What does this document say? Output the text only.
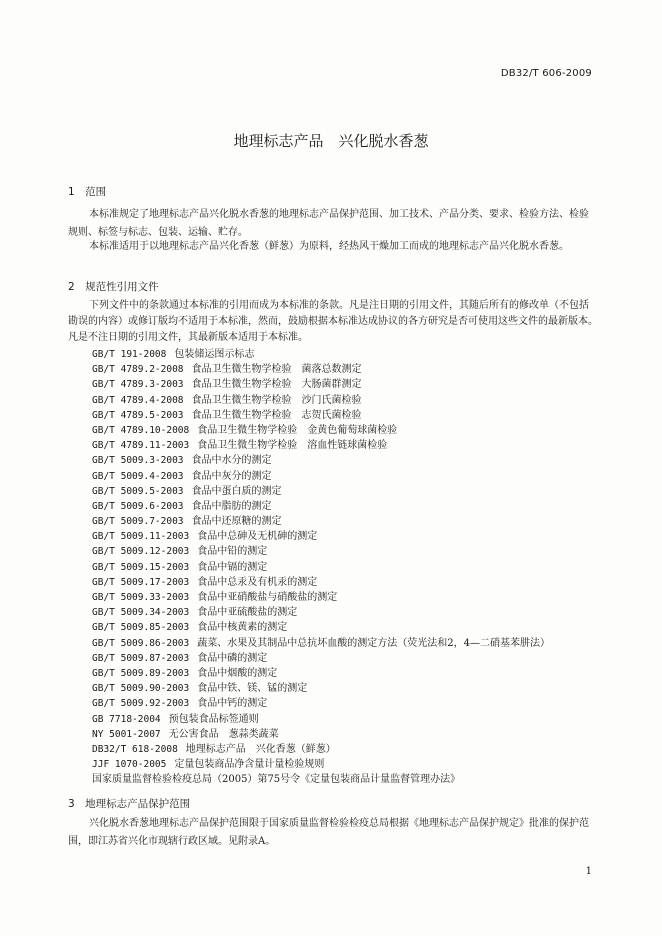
DB32/T 606-2009
地理标志产品　兴化脱水香葱
1　范围
本标准规定了地理标志产品兴化脱水香葱的地理标志产品保护范围、加工技术、产品分类、要求、检验方法、检验规则、标签与标志、包装、运输、贮存。
本标准适用于以地理标志产品兴化香葱（鲜葱）为原料，经热风干燥加工而成的地理标志产品兴化脱水香葱。
2　规范性引用文件
下列文件中的条款通过本标准的引用而成为本标准的条款。凡是注日期的引用文件，其随后所有的修改单（不包括勘误的内容）或修订版均不适用于本标准，然而，鼓励根据本标准达成协议的各方研究是否可使用这些文件的最新版本。凡是不注日期的引用文件，其最新版本适用于本标准。
GB/T 191-2008 包装储运图示标志
GB/T 4789.2-2008 食品卫生微生物学检验　菌落总数测定
GB/T 4789.3-2003 食品卫生微生物学检验　大肠菌群测定
GB/T 4789.4-2008 食品卫生微生物学检验　沙门氏菌检验
GB/T 4789.5-2003 食品卫生微生物学检验　志贺氏菌检验
GB/T 4789.10-2008 食品卫生微生物学检验　金黄色葡萄球菌检验
GB/T 4789.11-2003 食品卫生微生物学检验　溶血性链球菌检验
GB/T 5009.3-2003 食品中水分的测定
GB/T 5009.4-2003 食品中灰分的测定
GB/T 5009.5-2003 食品中蛋白质的测定
GB/T 5009.6-2003 食品中脂肪的测定
GB/T 5009.7-2003 食品中还原糖的测定
GB/T 5009.11-2003 食品中总砷及无机砷的测定
GB/T 5009.12-2003 食品中铅的测定
GB/T 5009.15-2003 食品中镉的测定
GB/T 5009.17-2003 食品中总汞及有机汞的测定
GB/T 5009.33-2003 食品中亚硝酸盐与硝酸盐的测定
GB/T 5009.34-2003 食品中亚硫酸盐的测定
GB/T 5009.85-2003 食品中核黄素的测定
GB/T 5009.86-2003 蔬菜、水果及其制品中总抗坏血酸的测定方法（荧光法和2，4—二硝基苯肼法）
GB/T 5009.87-2003 食品中磷的测定
GB/T 5009.89-2003 食品中烟酸的测定
GB/T 5009.90-2003 食品中铁、镁、锰的测定
GB/T 5009.92-2003 食品中钙的测定
GB 7718-2004 预包装食品标签通则
NY 5001-2007 无公害食品　葱蒜类蔬菜
DB32/T 618-2008 地理标志产品　兴化香葱（鲜葱）
JJF 1070-2005 定量包装商品净含量计量检验规则
国家质量监督检验检疫总局（2005）第75号令《定量包装商品计量监督管理办法》
3　地理标志产品保护范围
兴化脱水香葱地理标志产品保护范围限于国家质量监督检验检疫总局根据《地理标志产品保护规定》批准的保护范围，即江苏省兴化市现辖行政区域。见附录A。
1
